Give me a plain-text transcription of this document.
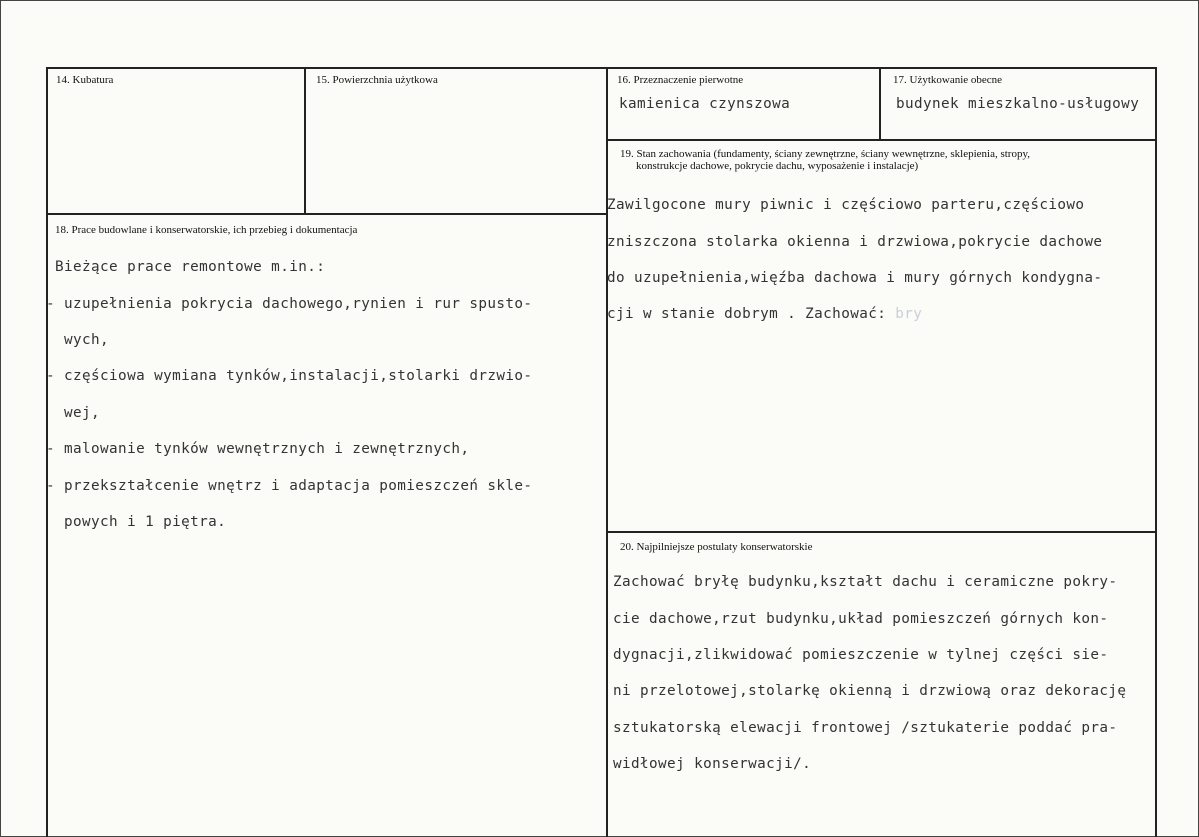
14. Kubatura	15. Powierzchnia użytkowa	16. Przeznaczenie pierwotne
kamienica czynszowa
17. Użytkowanie obecne
budynek mieszkalno-usługowy
18. Prace budowlane i konserwatorskie, ich przebieg i dokumentacja

Bieżące prace remontowe m.in.:

- uzupełnienia pokrycia dachowego,rynien i rur spusto-

wych,

- częściowa wymiana tynków,instalacji,stolarki drzwio-

wej,

- malowanie tynków wewnętrznych i zewnętrznych,

- przekształcenie wnętrz i adaptacja pomieszczeń skle-

powych i 1 piętra.

19. Stan zachowania (fundamenty, ściany zewnętrzne, ściany wewnętrzne, sklepienia, stropy,
konstrukcje dachowe, pokrycie dachu, wyposażenie i instalacje)

Zawilgocone mury piwnic i częściowo parteru,częściowo

zniszczona stolarka okienna i drzwiowa,pokrycie dachowe

do uzupełnienia,więźba dachowa i mury górnych kondygna-

cji w stanie dobrym . Zachować: bry

20. Najpilniejsze postulaty konserwatorskie

Zachować bryłę budynku,kształt dachu i ceramiczne pokry-

cie dachowe,rzut budynku,układ pomieszczeń górnych kon-

dygnacji,zlikwidować pomieszczenie w tylnej części sie-

ni przelotowej,stolarkę okienną i drzwiową oraz dekorację

sztukatorską elewacji frontowej /sztukaterie poddać pra-

widłowej konserwacji/.
